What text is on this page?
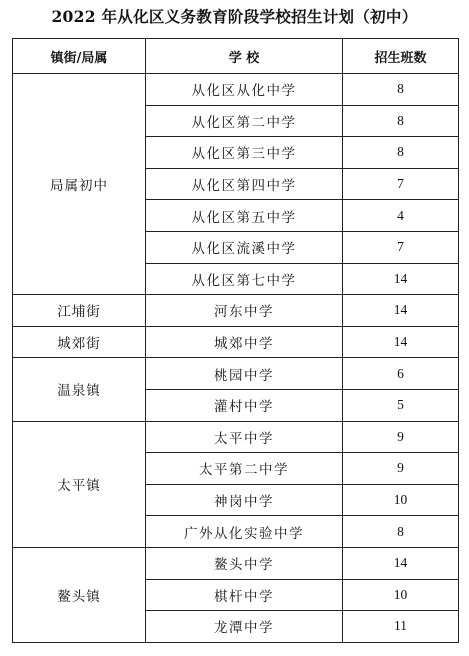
2022 年从化区义务教育阶段学校招生计划（初中）
镇街/局属	学 校	招生班数
局属初中	从化区从化中学	8
	从化区第二中学	8
	从化区第三中学	8
	从化区第四中学	7
	从化区第五中学	4
	从化区流溪中学	7
	从化区第七中学	14
江埔街	河东中学	14
城郊街	城郊中学	14
温泉镇	桃园中学	6
	灌村中学	5
太平镇	太平中学	9
	太平第二中学	9
	神岗中学	10
	广外从化实验中学	8
鳌头镇	鳌头中学	14
	棋杆中学	10
	龙潭中学	11
